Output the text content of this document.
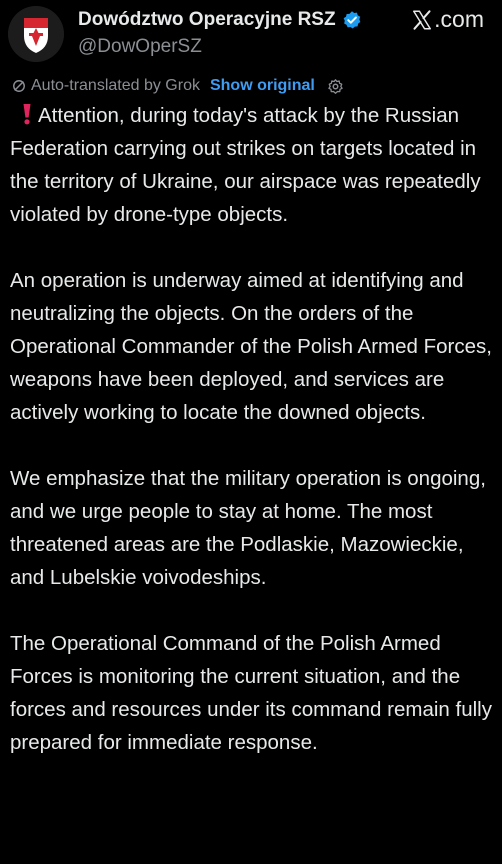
Dowództwo Operacyjne RSZ
@DowOperSZ
.com
Auto-translated by Grok Show original

Attention, during today's attack by the Russian Federation carrying out strikes on targets located in the territory of Ukraine, our airspace was repeatedly violated by drone-type objects.

An operation is underway aimed at identifying and neutralizing the objects. On the orders of the Operational Commander of the Polish Armed Forces, weapons have been deployed, and services are actively working to locate the downed objects.

We emphasize that the military operation is ongoing, and we urge people to stay at home. The most threatened areas are the Podlaskie, Mazowieckie, and Lubelskie voivodeships.

The Operational Command of the Polish Armed Forces is monitoring the current situation, and the forces and resources under its command remain fully prepared for immediate response.
